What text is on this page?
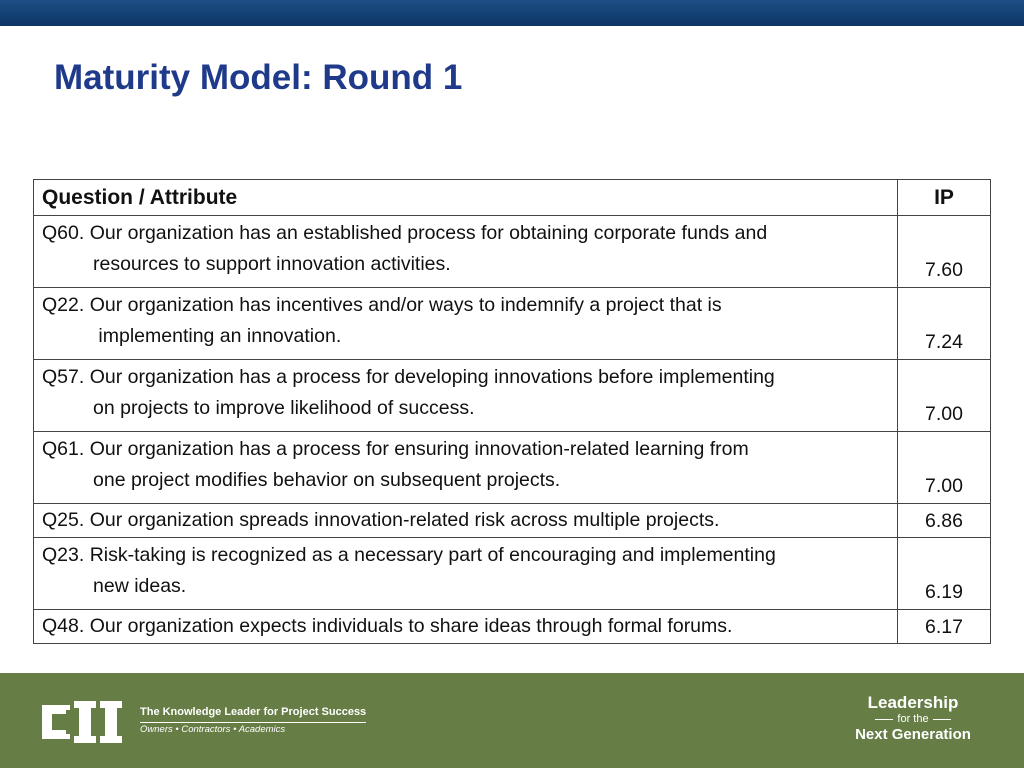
Maturity Model: Round 1
Question / Attribute	IP

Q60. Our organization has an established process for obtaining corporate funds and
resources to support innovation activities.	7.60

Q22. Our organization has incentives and/or ways to indemnify a project that is
implementing an innovation.	7.24

Q57. Our organization has a process for developing innovations before implementing
on projects to improve likelihood of success.	7.00

Q61. Our organization has a process for ensuring innovation-related learning from
one project modifies behavior on subsequent projects.	7.00

Q25. Our organization spreads innovation-related risk across multiple projects.	6.86

Q23. Risk-taking is recognized as a necessary part of encouraging and implementing
new ideas.	6.19

Q48. Our organization expects individuals to share ideas through formal forums.	6.17
The Knowledge Leader for Project Success
Owners • Contractors • Academics
Leadership
for the
Next Generation
